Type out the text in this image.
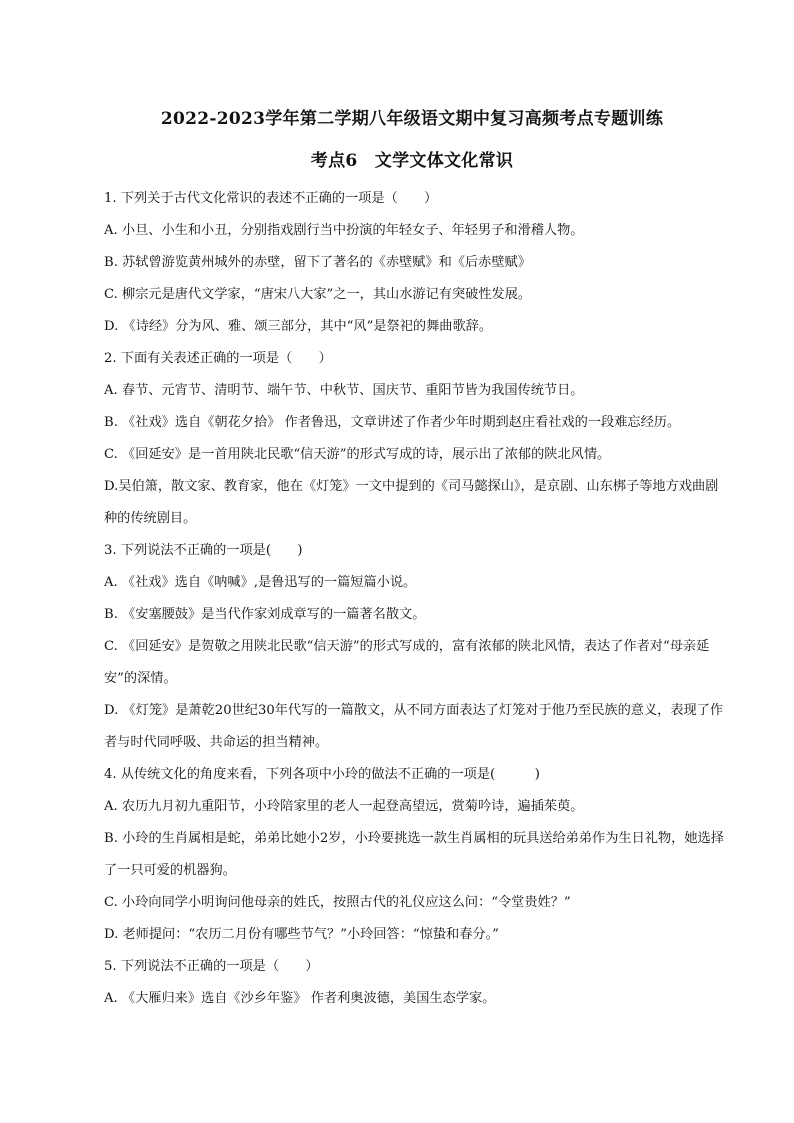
2022-2023学年第二学期八年级语文期中复习高频考点专题训练
考点6　文学文体文化常识
1. 下列关于古代文化常识的表述不正确的一项是（　　）
A. 小旦、小生和小丑，分别指戏剧行当中扮演的年轻女子、年轻男子和滑稽人物。
B. 苏轼曾游览黄州城外的赤壁，留下了著名的《赤壁赋》和《后赤壁赋》
C. 柳宗元是唐代文学家，“唐宋八大家”之一，其山水游记有突破性发展。
D. 《诗经》分为风、雅、颂三部分，其中“风”是祭祀的舞曲歌辞。
2. 下面有关表述正确的一项是（　　）
A. 春节、元宵节、清明节、端午节、中秋节、国庆节、重阳节皆为我国传统节日。
B. 《社戏》选自《朝花夕拾》 作者鲁迅，文章讲述了作者少年时期到赵庄看社戏的一段难忘经历。
C. 《回延安》是一首用陕北民歌“信天游”的形式写成的诗，展示出了浓郁的陕北风情。
D.吴伯箫，散文家、教育家，他在《灯笼》一文中提到的《司马懿探山》，是京剧、山东梆子等地方戏曲剧种的传统剧目。
3. 下列说法不正确的一项是(　　)
A. 《社戏》选自《呐喊》,是鲁迅写的一篇短篇小说。
B. 《安塞腰鼓》是当代作家刘成章写的一篇著名散文。
C. 《回延安》是贺敬之用陕北民歌“信天游”的形式写成的，富有浓郁的陕北风情，表达了作者对“母亲延安”的深情。
D. 《灯笼》是萧乾20世纪30年代写的一篇散文，从不同方面表达了灯笼对于他乃至民族的意义，表现了作者与时代同呼吸、共命运的担当精神。
4. 从传统文化的角度来看，下列各项中小玲的做法不正确的一项是(　　　)
A. 农历九月初九重阳节，小玲陪家里的老人一起登高望远，赏菊吟诗，遍插茱萸。
B. 小玲的生肖属相是蛇，弟弟比她小2岁，小玲要挑选一款生肖属相的玩具送给弟弟作为生日礼物，她选择了一只可爱的机器狗。
C. 小玲向同学小明询问他母亲的姓氏，按照古代的礼仪应这么问：“令堂贵姓？”
D. 老师提问：“农历二月份有哪些节气？”小玲回答：“惊蛰和春分。”
5. 下列说法不正确的一项是（　　）
A. 《大雁归来》选自《沙乡年鉴》 作者利奥波德，美国生态学家。
